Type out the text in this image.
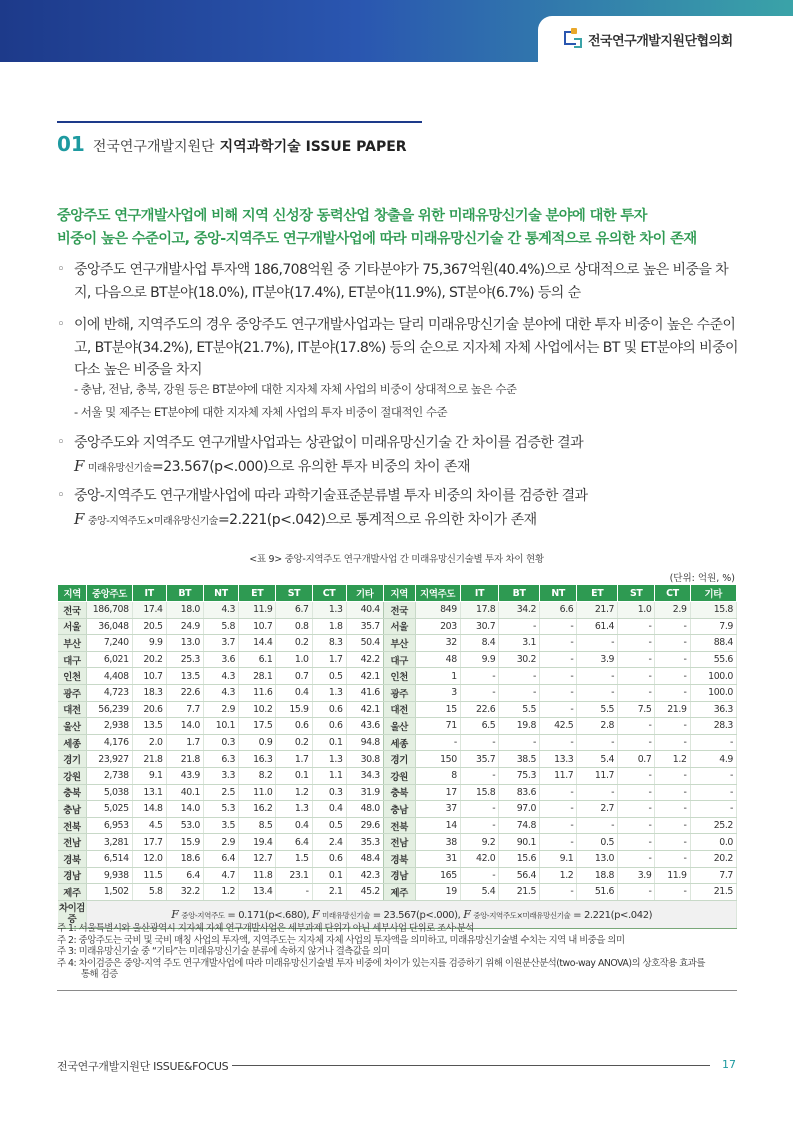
전국연구개발지원단협의회
01 전국연구개발지원단 지역과학기술 ISSUE PAPER
중앙주도 연구개발사업에 비해 지역 신성장 동력산업 창출을 위한 미래유망신기술 분야에 대한 투자
비중이 높은 수준이고, 중앙-지역주도 연구개발사업에 따라 미래유망신기술 간 통계적으로 유의한 차이 존재
◦ 중앙주도 연구개발사업 투자액 186,708억원 중 기타분야가 75,367억원(40.4%)으로 상대적으로 높은 비중을 차지, 다음으로 BT분야(18.0%), IT분야(17.4%), ET분야(11.9%), ST분야(6.7%) 등의 순
◦ 이에 반해, 지역주도의 경우 중앙주도 연구개발사업과는 달리 미래유망신기술 분야에 대한 투자 비중이 높은 수준이고, BT분야(34.2%), ET분야(21.7%), IT분야(17.8%) 등의 순으로 지자체 자체 사업에서는 BT 및 ET분야의 비중이 다소 높은 비중을 차지
- 충남, 전남, 충북, 강원 등은 BT분야에 대한 지자체 자체 사업의 비중이 상대적으로 높은 수준
- 서울 및 제주는 ET분야에 대한 지자체 자체 사업의 투자 비중이 절대적인 수준
◦ 중앙주도와 지역주도 연구개발사업과는 상관없이 미래유망신기술 간 차이를 검증한 결과
F 미래유망신기술=23.567(p<.000)으로 유의한 투자 비중의 차이 존재
◦ 중앙-지역주도 연구개발사업에 따라 과학기술표준분류별 투자 비중의 차이를 검증한 결과
F 중앙-지역주도×미래유망신기술=2.221(p<.042)으로 통계적으로 유의한 차이가 존재
<표 9> 중앙-지역주도 연구개발사업 간 미래유망신기술별 투자 차이 현황
(단위: 억원, %)
지역	중앙주도	IT	BT	NT	ET	ST	CT	기타	지역	지역주도	IT	BT	NT	ET	ST	CT	기타
전국	186,708	17.4	18.0	4.3	11.9	6.7	1.3	40.4	전국	849	17.8	34.2	6.6	21.7	1.0	2.9	15.8
서울	36,048	20.5	24.9	5.8	10.7	0.8	1.8	35.7	서울	203	30.7	-	-	61.4	-	-	7.9
부산	7,240	9.9	13.0	3.7	14.4	0.2	8.3	50.4	부산	32	8.4	3.1	-	-	-	-	88.4
대구	6,021	20.2	25.3	3.6	6.1	1.0	1.7	42.2	대구	48	9.9	30.2	-	3.9	-	-	55.6
인천	4,408	10.7	13.5	4.3	28.1	0.7	0.5	42.1	인천	1	-	-	-	-	-	-	100.0
광주	4,723	18.3	22.6	4.3	11.6	0.4	1.3	41.6	광주	3	-	-	-	-	-	-	100.0
대전	56,239	20.6	7.7	2.9	10.2	15.9	0.6	42.1	대전	15	22.6	5.5	-	5.5	7.5	21.9	36.3
울산	2,938	13.5	14.0	10.1	17.5	0.6	0.6	43.6	울산	71	6.5	19.8	42.5	2.8	-	-	28.3
세종	4,176	2.0	1.7	0.3	0.9	0.2	0.1	94.8	세종	-	-	-	-	-	-	-	-
경기	23,927	21.8	21.8	6.3	16.3	1.7	1.3	30.8	경기	150	35.7	38.5	13.3	5.4	0.7	1.2	4.9
강원	2,738	9.1	43.9	3.3	8.2	0.1	1.1	34.3	강원	8	-	75.3	11.7	11.7	-	-	-
충북	5,038	13.1	40.1	2.5	11.0	1.2	0.3	31.9	충북	17	15.8	83.6	-	-	-	-	-
충남	5,025	14.8	14.0	5.3	16.2	1.3	0.4	48.0	충남	37	-	97.0	-	2.7	-	-	-
전북	6,953	4.5	53.0	3.5	8.5	0.4	0.5	29.6	전북	14	-	74.8	-	-	-	-	25.2
전남	3,281	17.7	15.9	2.9	19.4	6.4	2.4	35.3	전남	38	9.2	90.1	-	0.5	-	-	0.0
경북	6,514	12.0	18.6	6.4	12.7	1.5	0.6	48.4	경북	31	42.0	15.6	9.1	13.0	-	-	20.2
경남	9,938	11.5	6.4	4.7	11.8	23.1	0.1	42.3	경남	165	-	56.4	1.2	18.8	3.9	11.9	7.7
제주	1,502	5.8	32.2	1.2	13.4	-	2.1	45.2	제주	19	5.4	21.5	-	51.6	-	-	21.5
차이검증	F 중앙-지역주도 = 0.171(p<.680), F 미래유망신기술 = 23.567(p<.000), F 중앙-지역주도×미래유망신기술 = 2.221(p<.042)																
주 1: 서울특별시와 울산광역시 지자체 자체 연구개발사업은 세부과제 단위가 아닌 세부사업 단위로 조사·분석
주 2: 중앙주도는 국비 및 국비 매칭 사업의 투자액, 지역주도는 지자체 자체 사업의 투자액을 의미하고, 미래유망신기술별 수치는 지역 내 비중을 의미
주 3: 미래유망신기술 중 “기타”는 미래유망신기술 분류에 속하지 않거나 결측값을 의미
주 4: 차이검증은 중앙-지역 주도 연구개발사업에 따라 미래유망신기술별 투자 비중에 차이가 있는지를 검증하기 위해 이원분산분석(two-way ANOVA)의 상호작용 효과를
통해 검증
전국연구개발지원단 ISSUE&FOCUS	17
